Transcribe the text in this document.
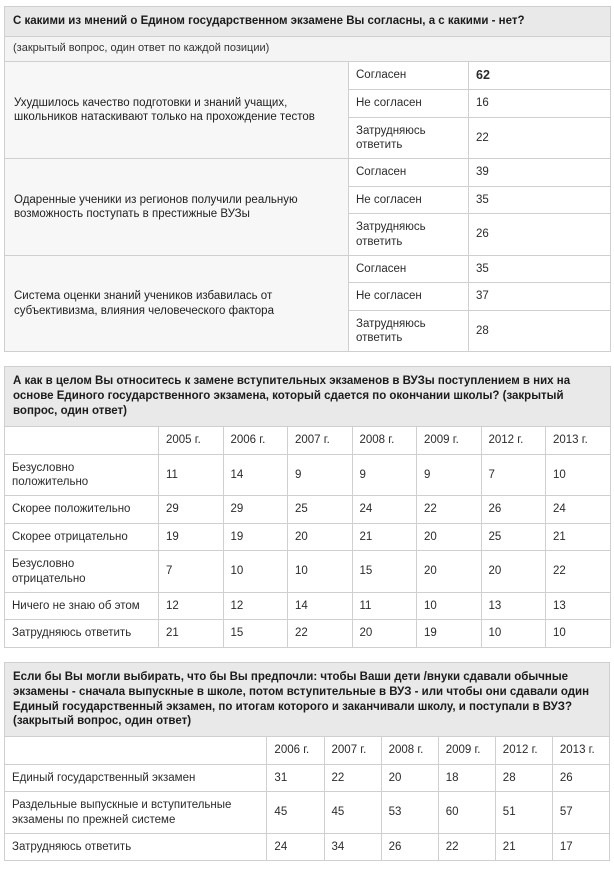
С какими из мнений о Едином государственном экзамене Вы согласны, а с какими - нет?		
(закрытый вопрос, один ответ по каждой позиции)		
Ухудшилось качество подготовки и знаний учащих, школьников натаскивают только на прохождение тестов	Согласен	62
	Не согласен	16
	Затрудняюсь ответить	22
Одаренные ученики из регионов получили реальную возможность поступать в престижные ВУЗы	Согласен	39
	Не согласен	35
	Затрудняюсь ответить	26
Система оценки знаний учеников избавилась от субъективизма, влияния человеческого фактора	Согласен	35
	Не согласен	37
	Затрудняюсь ответить	28
А как в целом Вы относитесь к замене вступительных экзаменов в ВУЗы поступлением в них на основе Единого государственного экзамена, который сдается по окончании школы? (закрытый вопрос, один ответ)							
	2005 г.	2006 г.	2007 г.	2008 г.	2009 г.	2012 г.	2013 г.
Безусловно положительно	11	14	9	9	9	7	10
Скорее положительно	29	29	25	24	22	26	24
Скорее отрицательно	19	19	20	21	20	25	21
Безусловно отрицательно	7	10	10	15	20	20	22
Ничего не знаю об этом	12	12	14	11	10	13	13
Затрудняюсь ответить	21	15	22	20	19	10	10
Если бы Вы могли выбирать, что бы Вы предпочли: чтобы Ваши дети /внуки сдавали обычные экзамены - сначала выпускные в школе, потом вступительные в ВУЗ - или чтобы они сдавали один Единый государственный экзамен, по итогам которого и заканчивали школу, и поступали в ВУЗ? (закрытый вопрос, один ответ)						
	2006 г.	2007 г.	2008 г.	2009 г.	2012 г.	2013 г.
Единый государственный экзамен	31	22	20	18	28	26
Раздельные выпускные и вступительные экзамены по прежней системе	45	45	53	60	51	57
Затрудняюсь ответить	24	34	26	22	21	17
